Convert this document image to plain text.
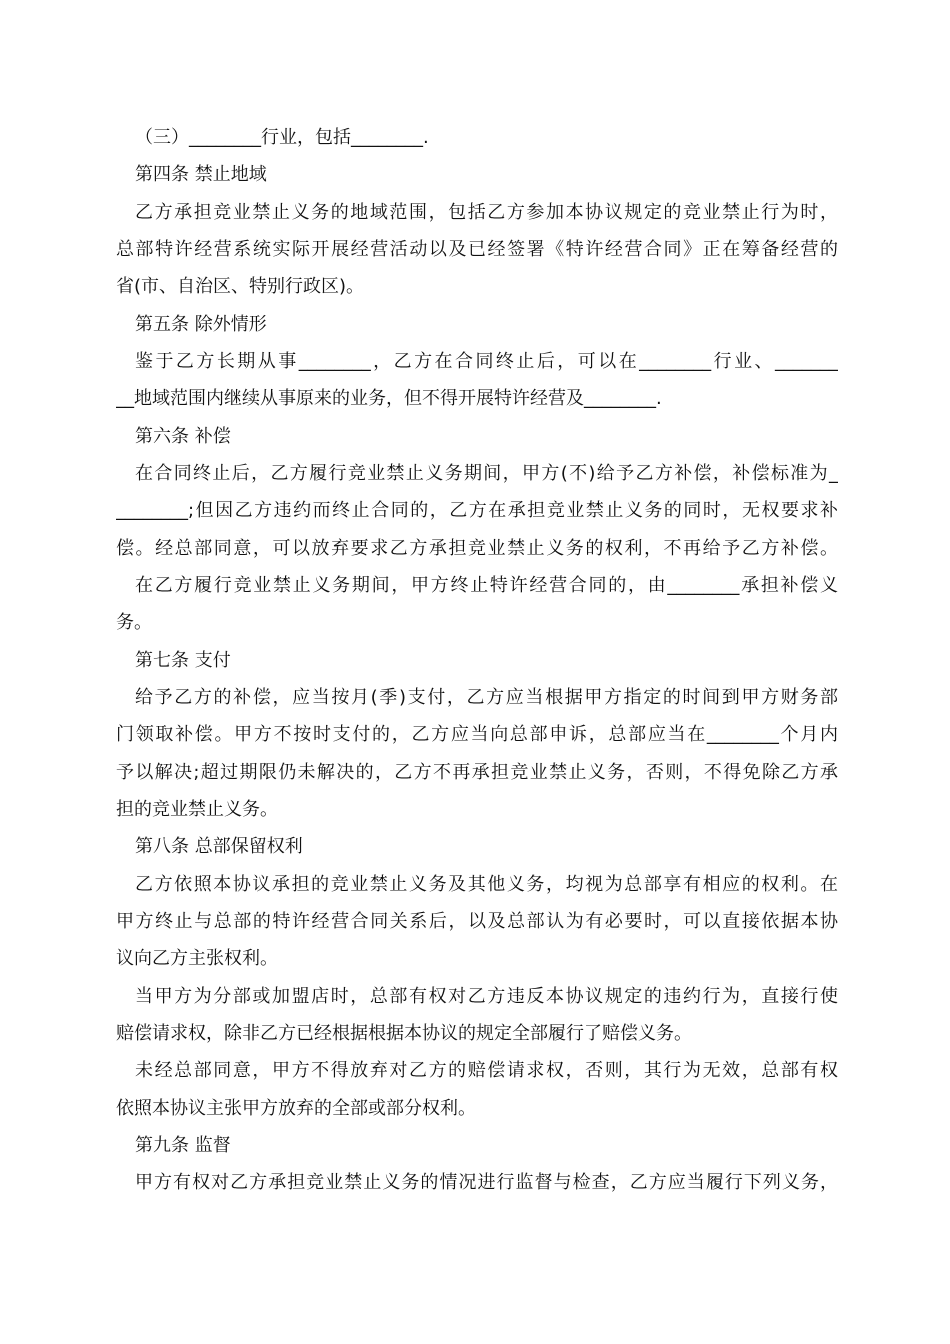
（三）________行业，包括________.
第四条 禁止地域
乙方承担竞业禁止义务的地域范围，包括乙方参加本协议规定的竞业禁止行为时，
总部特许经营系统实际开展经营活动以及已经签署《特许经营合同》正在筹备经营的
省(市、自治区、特别行政区)。
第五条 除外情形
鉴于乙方长期从事________，乙方在合同终止后，可以在________行业、_______
__地域范围内继续从事原来的业务，但不得开展特许经营及________.
第六条 补偿
在合同终止后，乙方履行竞业禁止义务期间，甲方(不)给予乙方补偿，补偿标准为_
________;但因乙方违约而终止合同的，乙方在承担竞业禁止义务的同时，无权要求补
偿。经总部同意，可以放弃要求乙方承担竞业禁止义务的权利，不再给予乙方补偿。
在乙方履行竞业禁止义务期间，甲方终止特许经营合同的，由________承担补偿义
务。
第七条 支付
给予乙方的补偿，应当按月(季)支付，乙方应当根据甲方指定的时间到甲方财务部
门领取补偿。甲方不按时支付的，乙方应当向总部申诉，总部应当在________个月内
予以解决;超过期限仍未解决的，乙方不再承担竞业禁止义务，否则，不得免除乙方承
担的竞业禁止义务。
第八条 总部保留权利
乙方依照本协议承担的竞业禁止义务及其他义务，均视为总部享有相应的权利。在
甲方终止与总部的特许经营合同关系后，以及总部认为有必要时，可以直接依据本协
议向乙方主张权利。
当甲方为分部或加盟店时，总部有权对乙方违反本协议规定的违约行为，直接行使
赔偿请求权，除非乙方已经根据根据本协议的规定全部履行了赔偿义务。
未经总部同意，甲方不得放弃对乙方的赔偿请求权，否则，其行为无效，总部有权
依照本协议主张甲方放弃的全部或部分权利。
第九条 监督
甲方有权对乙方承担竞业禁止义务的情况进行监督与检查，乙方应当履行下列义务，
